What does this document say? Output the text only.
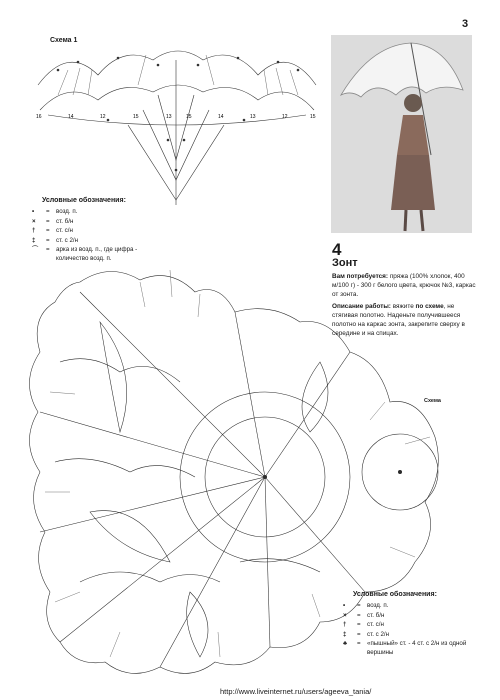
3
Схема 1
16	14	12	15	13	15	14	13	12	15
Условные обозначения:
•	=	возд. п.
×	=	ст. б/н
†	=	ст. с/н
‡	=	ст. с 2/н
⌒	=	арка из возд. п., где цифра - количество возд. п.	4
Зонт
Вам потребуется: пряжа (100% хлопок, 400 м/100 г) - 300 г белого цвета, крючок №3, каркас от зонта.
Описание работы: вяжите по схеме, не стягивая полотно. Наденьте получившееся полотно на каркас зонта, закрепите сверху в середине и на спицах.
Схема
Условные обозначения:
•	=	возд. п.
×	=	ст. б/н
†	=	ст. с/н
‡	=	ст. с 2/н
♣	=	«пышный» ст. - 4 ст. с 2/н из одной вершины
http://www.liveinternet.ru/users/ageeva_tania/
